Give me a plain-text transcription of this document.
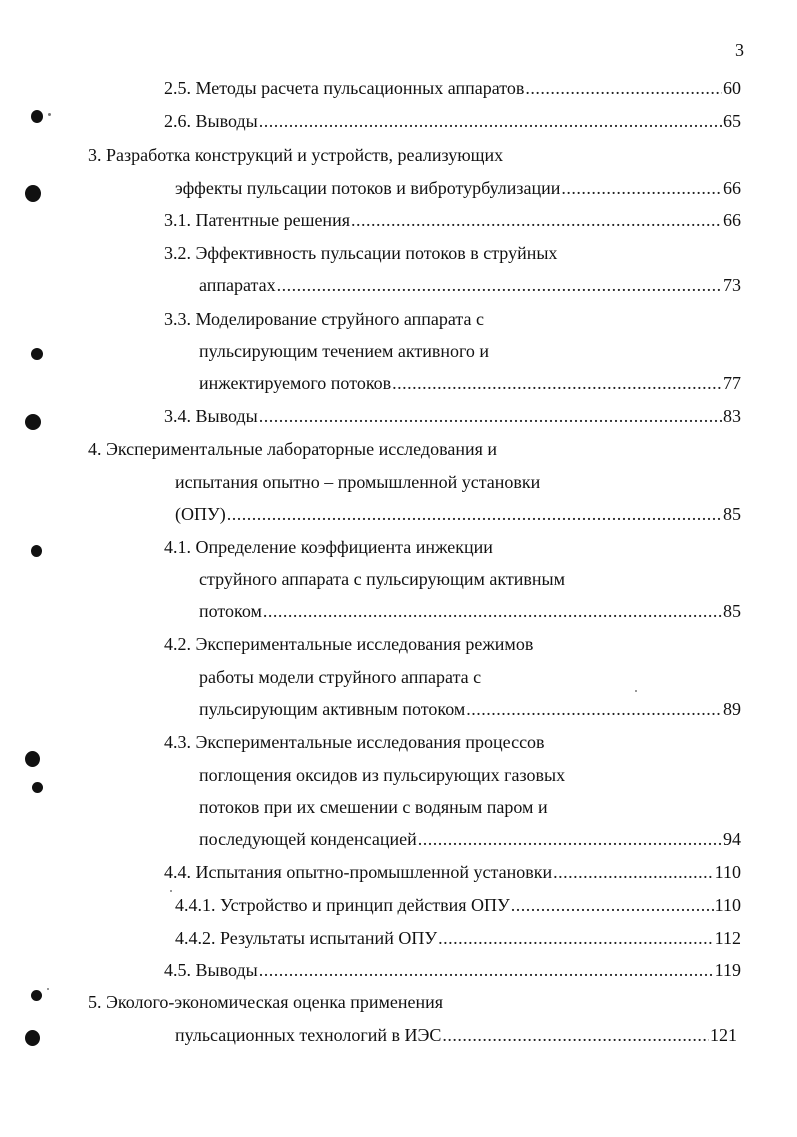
3
2.5. Методы расчета пульсационных аппаратов .....	60
2.6. Выводы .....	65
3. Разработка конструкций и устройств, реализующих
эффекты пульсации потоков и вибротурбулизации .....	66
3.1. Патентные решения .....	66
3.2. Эффективность пульсации потоков в струйных
аппаратах .....	73
3.3. Моделирование струйного аппарата с
пульсирующим течением активного и
инжектируемого потоков .....	77
3.4. Выводы .....	83
4. Экспериментальные лабораторные исследования и
испытания опытно – промышленной установки
(ОПУ) .....	85
4.1. Определение коэффициента инжекции
струйного аппарата с пульсирующим активным
потоком .....	85
4.2. Экспериментальные исследования режимов
работы модели струйного аппарата с
пульсирующим активным потоком .....	89
4.3. Экспериментальные исследования процессов
поглощения оксидов из пульсирующих газовых
потоков при их смешении с водяным паром и
последующей конденсацией .....	94
4.4. Испытания опытно-промышленной установки .....	110
4.4.1. Устройство и принцип действия ОПУ .....	110
4.4.2. Результаты испытаний ОПУ .....	112
4.5. Выводы .....	119
5. Эколого-экономическая оценка применения
пульсационных технологий в ИЭС .....	121
